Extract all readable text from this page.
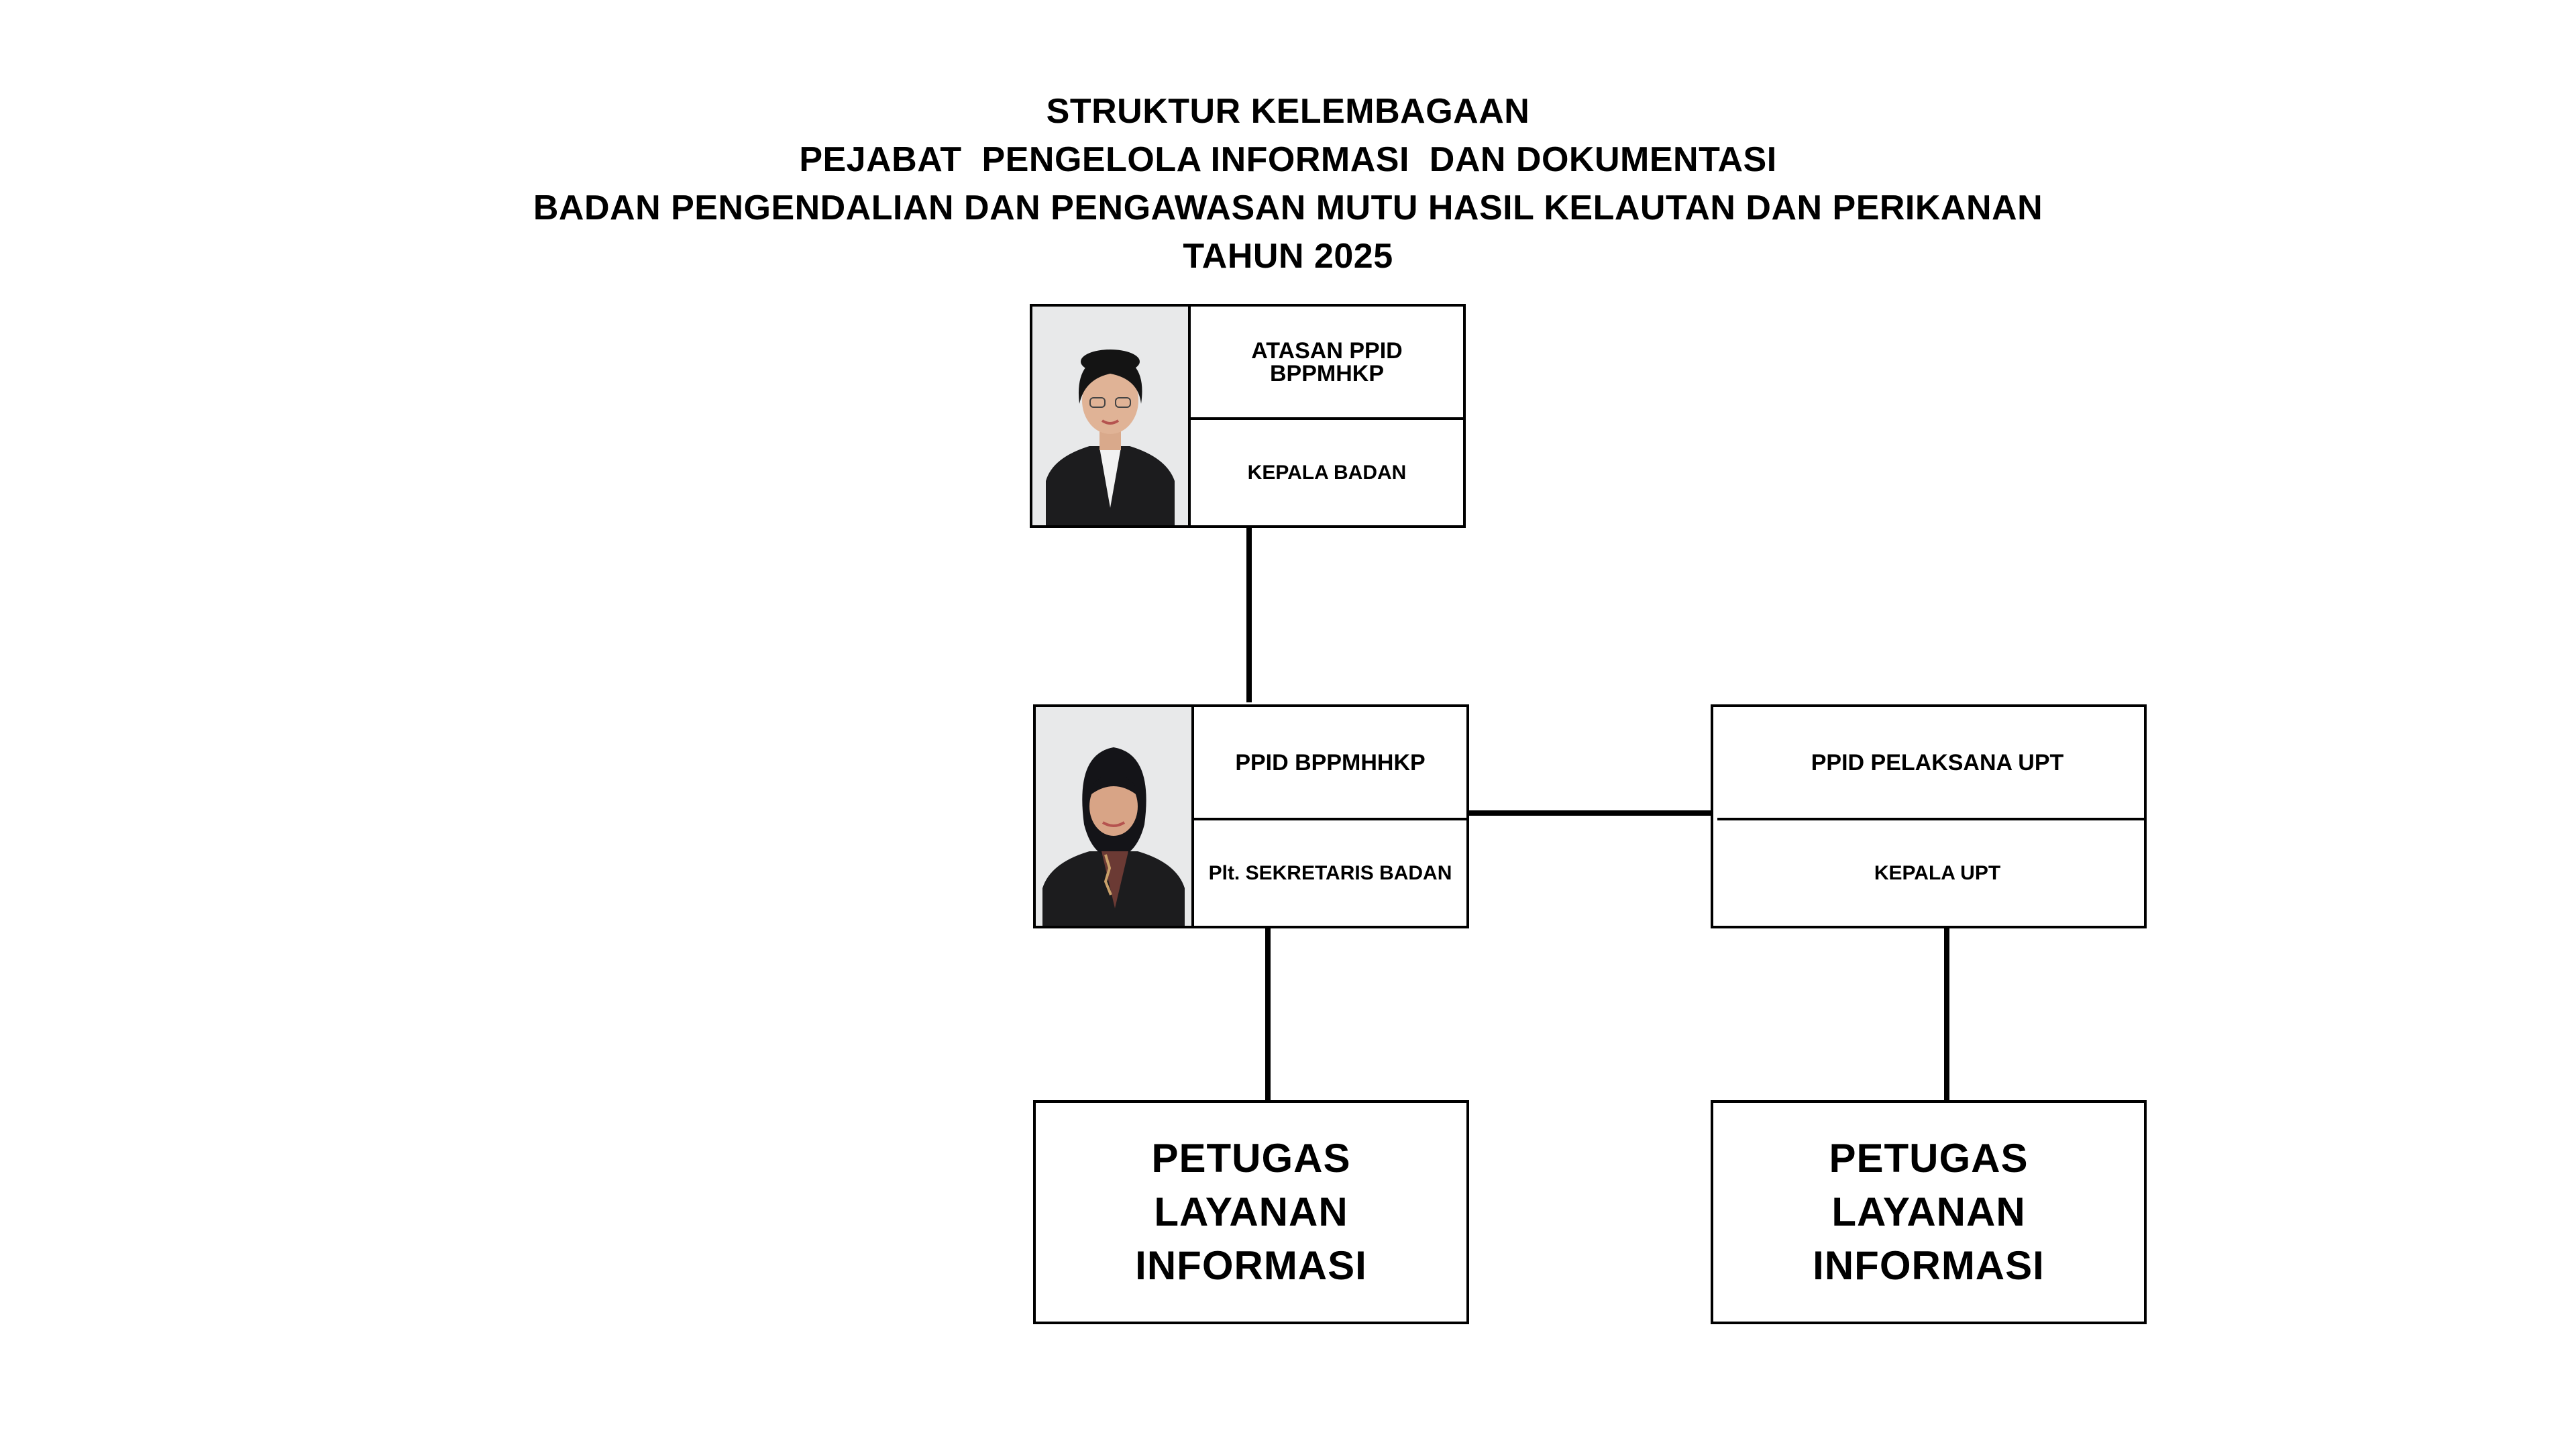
STRUKTUR KELEMBAGAAN
PEJABAT  PENGELOLA INFORMASI  DAN DOKUMENTASI
BADAN PENGENDALIAN DAN PENGAWASAN MUTU HASIL KELAUTAN DAN PERIKANAN
TAHUN 2025
ATASAN PPID BPPMHKP
KEPALA BADAN
PPID BPPMHHKP
Plt. SEKRETARIS BADAN
PPID PELAKSANA UPT
KEPALA UPT
PETUGAS LAYANAN INFORMASI
PETUGAS LAYANAN INFORMASI
